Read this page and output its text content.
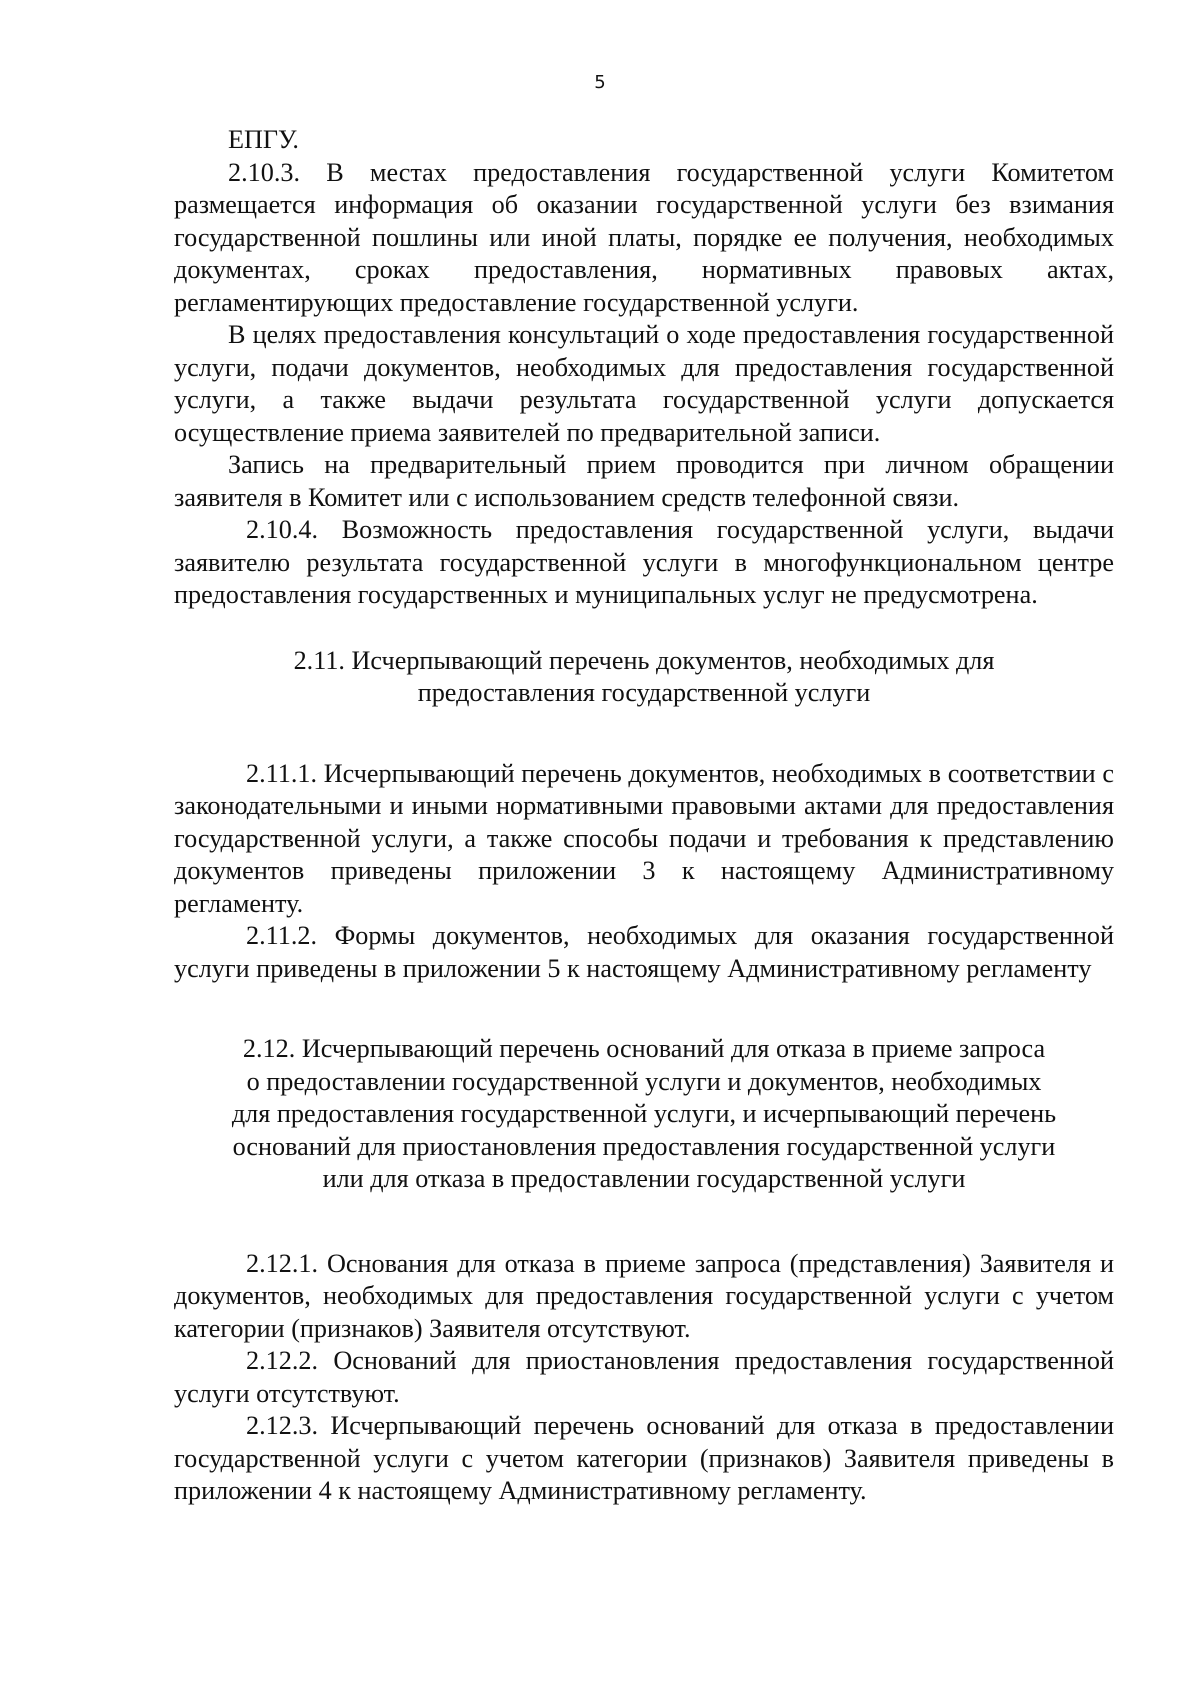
5

ЕПГУ.

2.10.3. В местах предоставления государственной услуги Комитетом размещается информация об оказании государственной услуги без взимания государственной пошлины или иной платы, порядке ее получения, необходимых документах, сроках предоставления, нормативных правовых актах, регламентирующих предоставление государственной услуги.

В целях предоставления консультаций о ходе предоставления государственной услуги, подачи документов, необходимых для предоставления государственной услуги, а также выдачи результата государственной услуги допускается осуществление приема заявителей по предварительной записи.

Запись на предварительный прием проводится при личном обращении заявителя в Комитет или с использованием средств телефонной связи.

2.10.4. Возможность предоставления государственной услуги, выдачи заявителю результата государственной услуги в многофункциональном центре предоставления государственных и муниципальных услуг не предусмотрена.

2.11. Исчерпывающий перечень документов, необходимых для
предоставления государственной услуги

2.11.1. Исчерпывающий перечень документов, необходимых в соответствии с законодательными и иными нормативными правовыми актами для предоставления государственной услуги, а также способы подачи и требования к представлению документов приведены приложении 3 к настоящему Административному регламенту.

2.11.2. Формы документов, необходимых для оказания государственной услуги приведены в приложении 5 к настоящему Административному регламенту

2.12. Исчерпывающий перечень оснований для отказа в приеме запроса
о предоставлении государственной услуги и документов, необходимых
для предоставления государственной услуги, и исчерпывающий перечень
оснований для приостановления предоставления государственной услуги
или для отказа в предоставлении государственной услуги

2.12.1. Основания для отказа в приеме запроса (представления) Заявителя и документов, необходимых для предоставления государственной услуги с учетом категории (признаков) Заявителя отсутствуют.

2.12.2. Оснований для приостановления предоставления государственной услуги отсутствуют.

2.12.3. Исчерпывающий перечень оснований для отказа в предоставлении государственной услуги с учетом категории (признаков) Заявителя приведены в приложении 4 к настоящему Административному регламенту.
